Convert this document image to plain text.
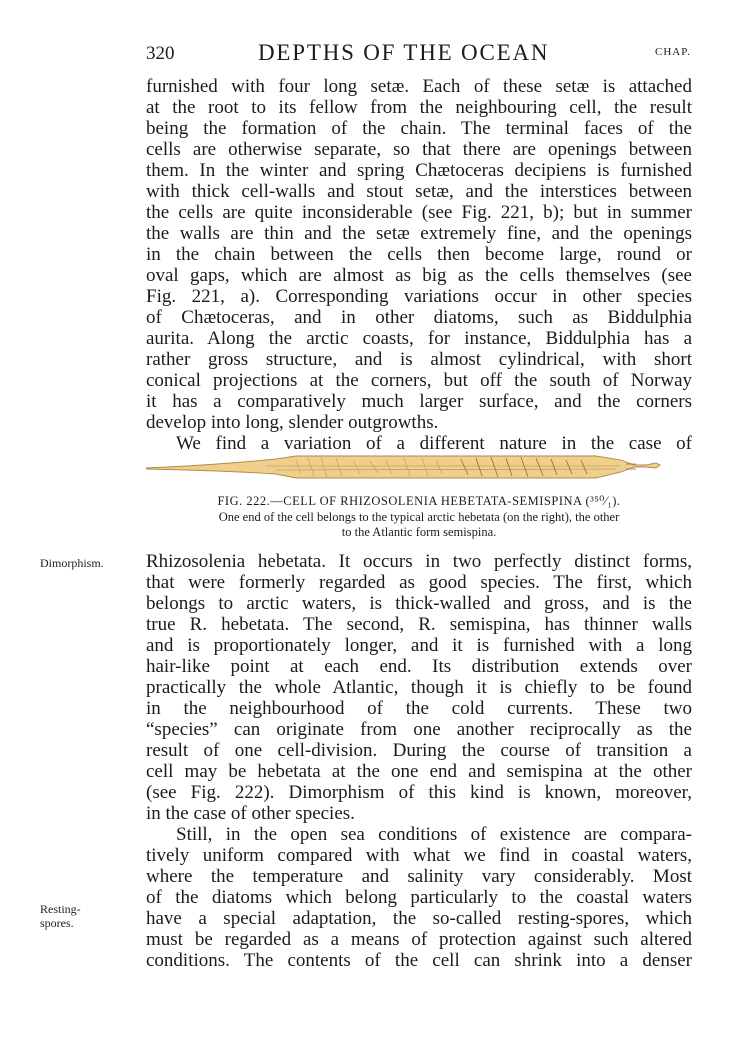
320	DEPTHS OF THE OCEAN	CHAP.
furnished with four long setæ. Each of these setæ is attached
at the root to its fellow from the neighbouring cell, the result
being the formation of the chain. The terminal faces of the
cells are otherwise separate, so that there are openings between
them. In the winter and spring Chætoceras decipiens is furnished
with thick cell-walls and stout setæ, and the interstices between
the cells are quite inconsiderable (see Fig. 221, b); but in summer
the walls are thin and the setæ extremely fine, and the openings
in the chain between the cells then become large, round or
oval gaps, which are almost as big as the cells themselves (see
Fig. 221, a). Corresponding variations occur in other species
of Chætoceras, and in other diatoms, such as Biddulphia
aurita. Along the arctic coasts, for instance, Biddulphia has a
rather gross structure, and is almost cylindrical, with short
conical projections at the corners, but off the south of Norway
it has a comparatively much larger surface, and the corners
develop into long, slender outgrowths.
We find a variation of a different nature in the case of
FIG. 222.—CELL OF RHIZOSOLENIA HEBETATA-SEMISPINA (³⁵⁰⁄₁).
One end of the cell belongs to the typical arctic hebetata (on the right), the other
to the Atlantic form semispina.
Dimorphism.
Resting-
spores.
Rhizosolenia hebetata. It occurs in two perfectly distinct forms,
that were formerly regarded as good species. The first, which
belongs to arctic waters, is thick-walled and gross, and is the
true R. hebetata. The second, R. semispina, has thinner walls
and is proportionately longer, and it is furnished with a long
hair-like point at each end. Its distribution extends over
practically the whole Atlantic, though it is chiefly to be found
in the neighbourhood of the cold currents. These two
“species” can originate from one another reciprocally as the
result of one cell-division. During the course of transition a
cell may be hebetata at the one end and semispina at the other
(see Fig. 222). Dimorphism of this kind is known, moreover,
in the case of other species.
Still, in the open sea conditions of existence are compara-
tively uniform compared with what we find in coastal waters,
where the temperature and salinity vary considerably. Most
of the diatoms which belong particularly to the coastal waters
have a special adaptation, the so-called resting-spores, which
must be regarded as a means of protection against such altered
conditions. The contents of the cell can shrink into a denser
